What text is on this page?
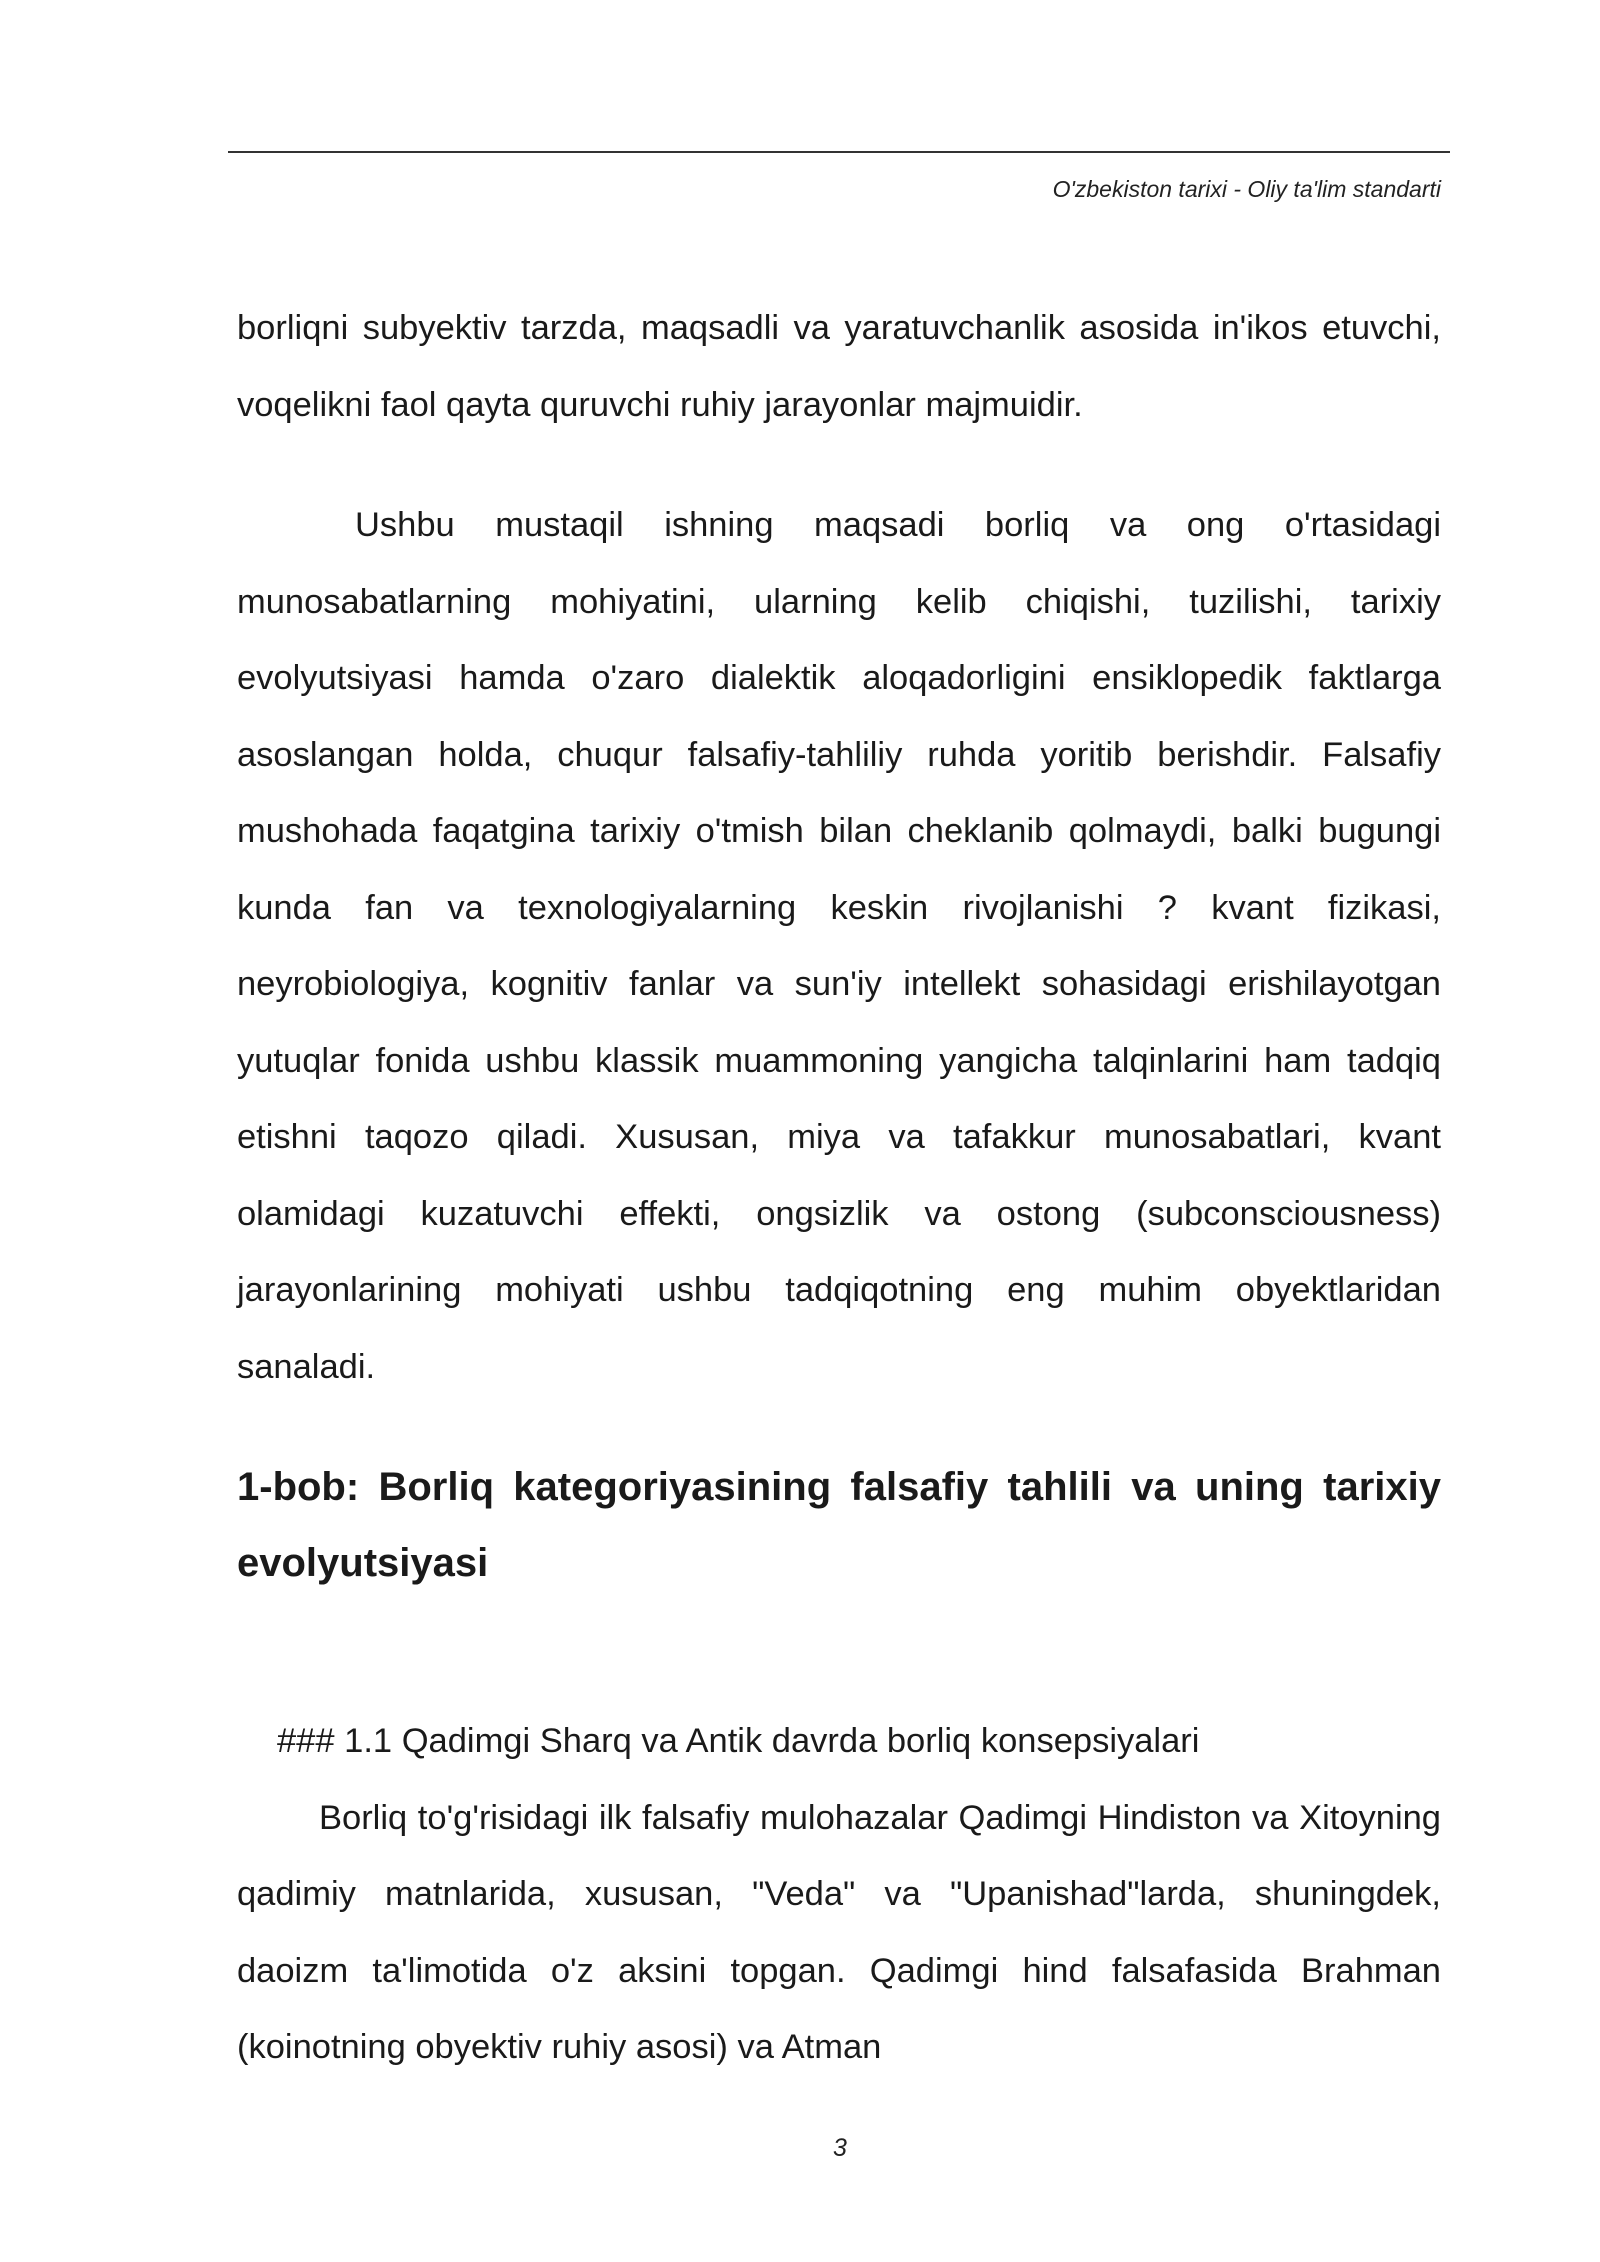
O'zbekiston tarixi - Oliy ta'lim standarti

borliqni subyektiv tarzda, maqsadli va yaratuvchanlik asosida in'ikos etuvchi, voqelikni faol qayta quruvchi ruhiy jarayonlar majmuidir.

Ushbu mustaqil ishning maqsadi borliq va ong o'rtasidagi munosabatlarning mohiyatini, ularning kelib chiqishi, tuzilishi, tarixiy evolyutsiyasi hamda o'zaro dialektik aloqadorligini ensiklopedik faktlarga asoslangan holda, chuqur falsafiy-tahliliy ruhda yoritib berishdir. Falsafiy mushohada faqatgina tarixiy o'tmish bilan cheklanib qolmaydi, balki bugungi kunda fan va texnologiyalarning keskin rivojlanishi ? kvant fizikasi, neyrobiologiya, kognitiv fanlar va sun'iy intellekt sohasidagi erishilayotgan yutuqlar fonida ushbu klassik muammoning yangicha talqinlarini ham tadqiq etishni taqozo qiladi. Xususan, miya va tafakkur munosabatlari, kvant olamidagi kuzatuvchi effekti, ongsizlik va ostong (subconsciousness) jarayonlarining mohiyati ushbu tadqiqotning eng muhim obyektlaridan sanaladi.

1-bob: Borliq kategoriyasining falsafiy tahlili va uning tarixiy evolyutsiyasi

### 1.1 Qadimgi Sharq va Antik davrda borliq konsepsiyalari

Borliq to'g'risidagi ilk falsafiy mulohazalar Qadimgi Hindiston va Xitoyning qadimiy matnlarida, xususan, "Veda" va "Upanishad"larda, shuningdek, daoizm ta'limotida o'z aksini topgan. Qadimgi hind falsafasida Brahman (koinotning obyektiv ruhiy asosi) va Atman

3
